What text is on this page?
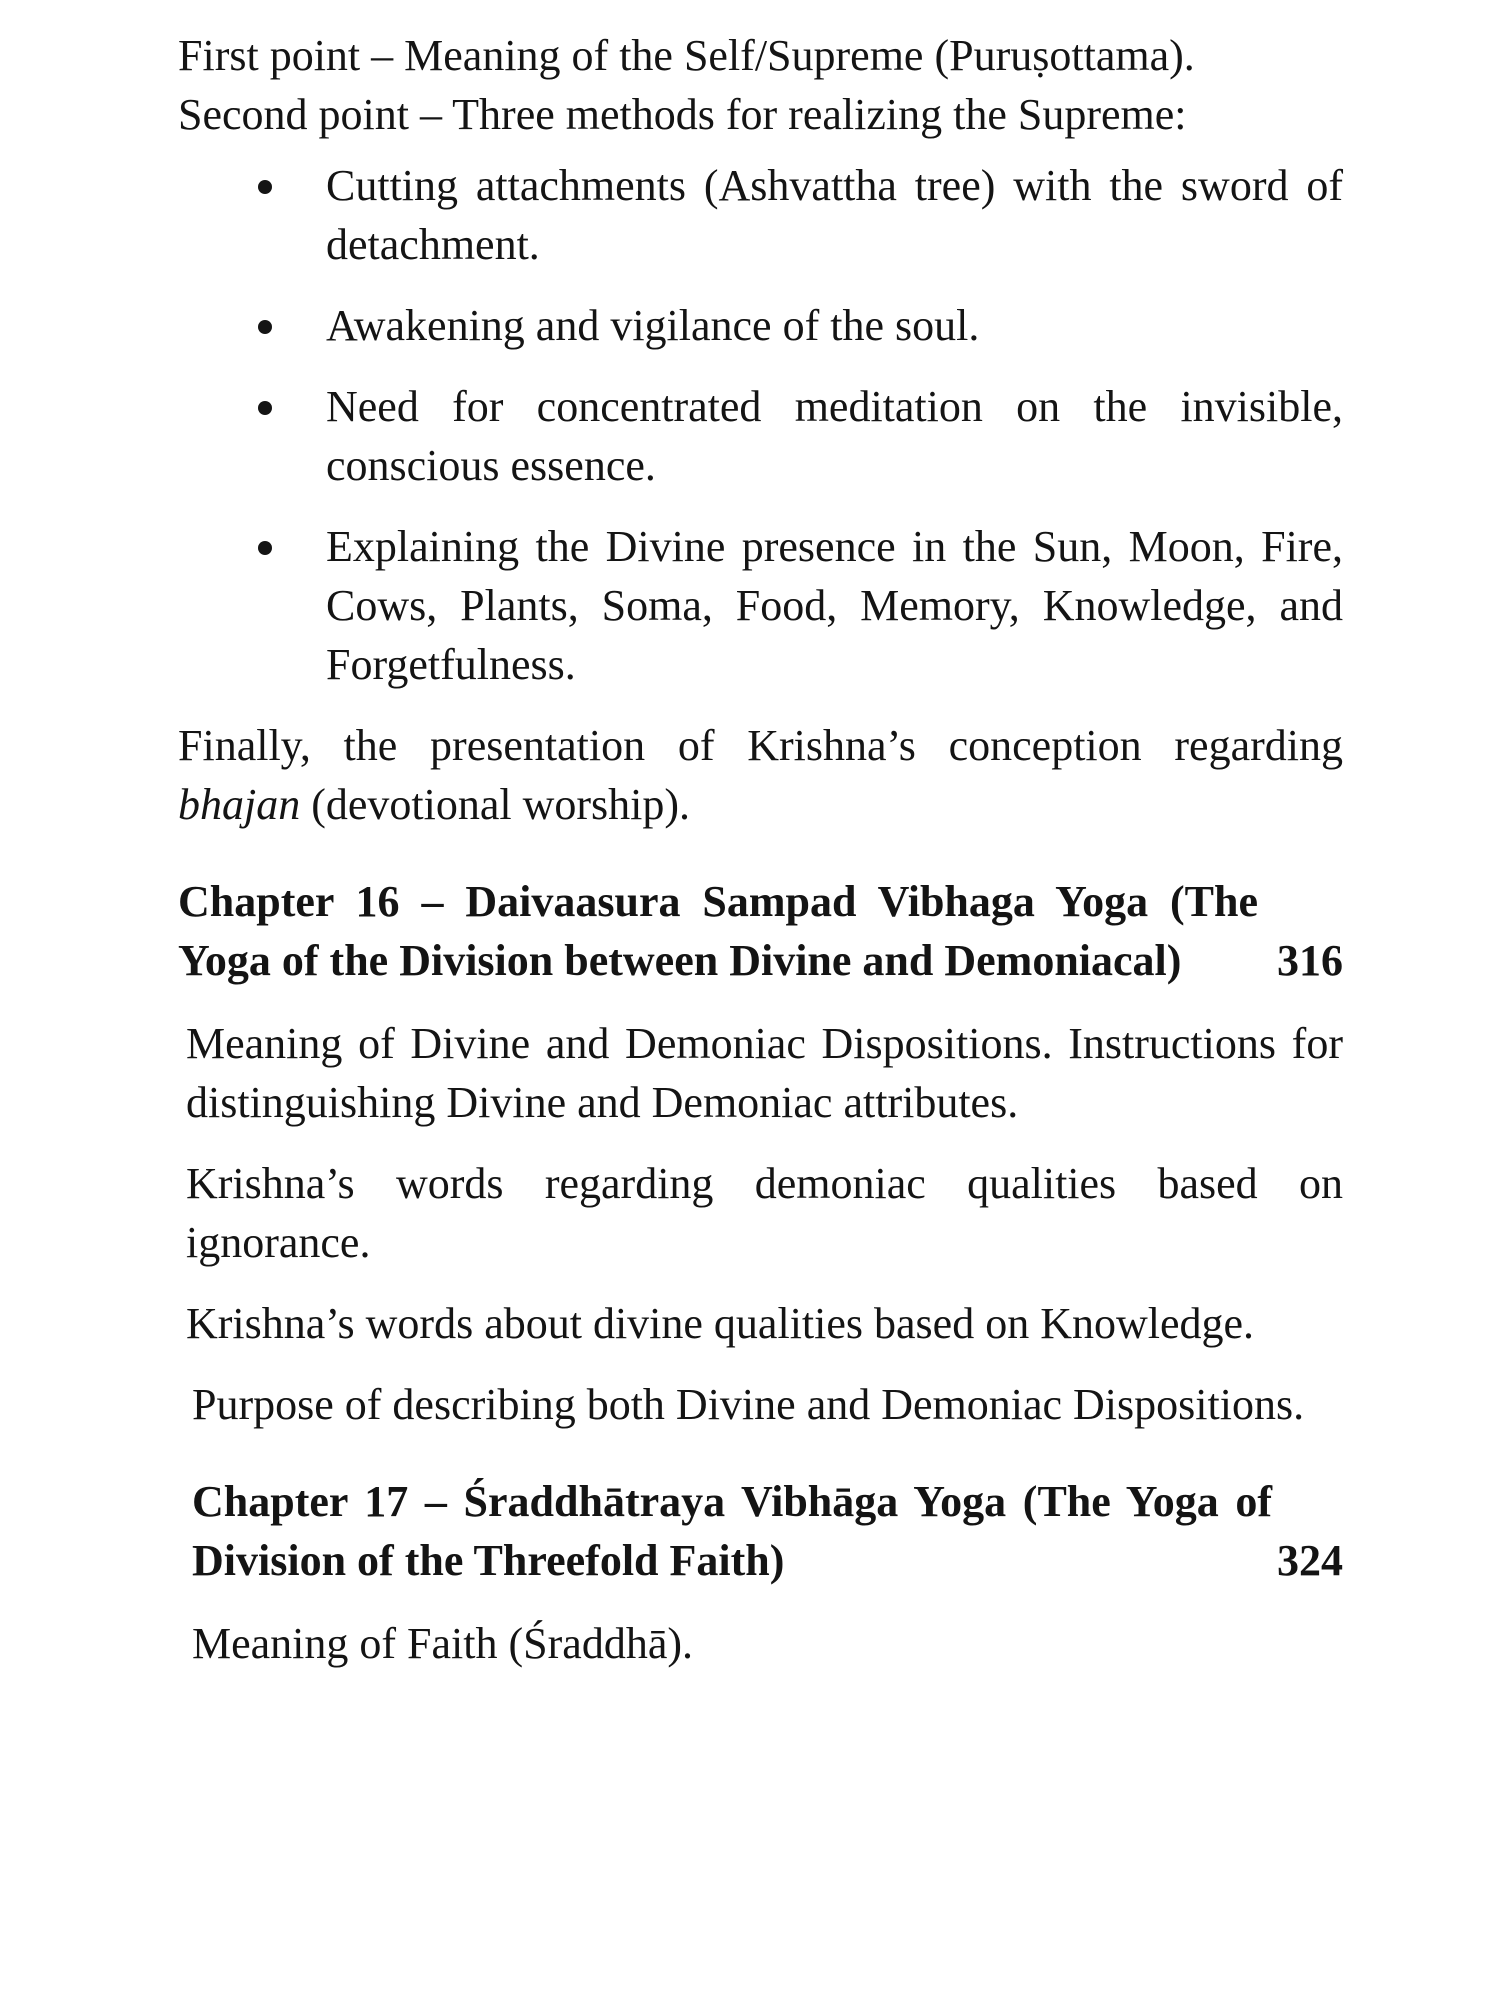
First point – Meaning of the Self/Supreme (Puruṣottama).

Second point – Three methods for realizing the Supreme:

Cutting attachments (Ashvattha tree) with the sword of detachment.
Awakening and vigilance of the soul.
Need for concentrated meditation on the invisible, conscious essence.
Explaining the Divine presence in the Sun, Moon, Fire, Cows, Plants, Soma, Food, Memory, Knowledge, and Forgetfulness.

Finally, the presentation of Krishna’s conception regarding bhajan (devotional worship).

Chapter 16 – Daivaasura Sampad Vibhaga Yoga (The Yoga of the Division between Divine and Demoniacal)	316

Meaning of Divine and Demoniac Dispositions. Instructions for distinguishing Divine and Demoniac attributes.

Krishna’s words regarding demoniac qualities based on ignorance.

Krishna’s words about divine qualities based on Knowledge.

Purpose of describing both Divine and Demoniac Dispositions.

Chapter 17 – Śraddhātraya Vibhāga Yoga (The Yoga of Division of the Threefold Faith)	324

Meaning of Faith (Śraddhā).
